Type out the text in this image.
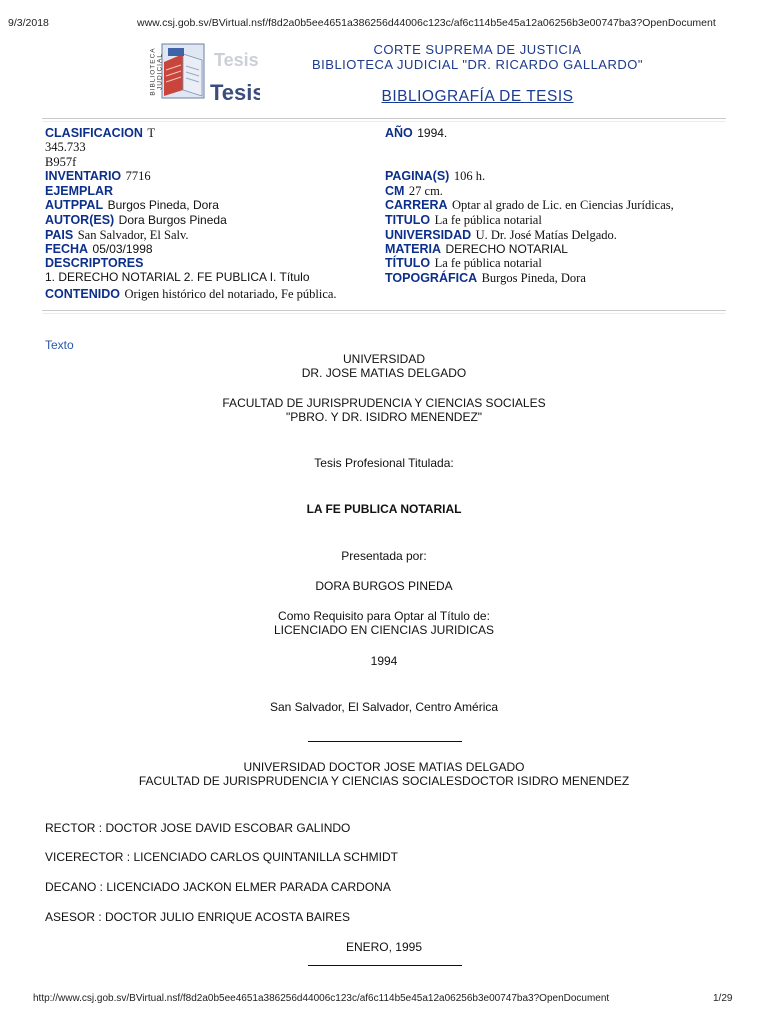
9/3/2018	www.csj.gob.sv/BVirtual.nsf/f8d2a0b5ee4651a386256d44006c123c/af6c114b5e45a12a06256b3e00747ba3?OpenDocument
Tesis
Tesis
BIBLIOTECA JUDICIAL
CORTE SUPREMA DE JUSTICIA
BIBLIOTECA JUDICIAL "DR. RICARDO GALLARDO"
BIBLIOGRAFÍA DE TESIS
CLASIFICACION T
345.733
B957f
INVENTARIO 7716
EJEMPLAR
AUTPPAL Burgos Pineda, Dora
AUTOR(ES) Dora Burgos Pineda
PAIS San Salvador, El Salv.
FECHA 05/03/1998
DESCRIPTORES
1. DERECHO NOTARIAL 2. FE PUBLICA I. Título
CONTENIDO Origen histórico del notariado, Fe pública.
AÑO 1994.
PAGINA(S) 106 h.
CM 27 cm.
CARRERA Optar al grado de Lic. en Ciencias Jurídicas,
TITULO La fe pública notarial
UNIVERSIDAD U. Dr. José Matías Delgado.
MATERIA DERECHO NOTARIAL
TÍTULO La fe pública notarial
TOPOGRÁFICA Burgos Pineda, Dora
Texto
UNIVERSIDAD
DR. JOSE MATIAS DELGADO
FACULTAD DE JURISPRUDENCIA Y CIENCIAS SOCIALES
"PBRO. Y DR. ISIDRO MENENDEZ"
Tesis Profesional Titulada:
LA FE PUBLICA NOTARIAL
Presentada por:
DORA BURGOS PINEDA
Como Requisito para Optar al Título de:
LICENCIADO EN CIENCIAS JURIDICAS
1994
San Salvador, El Salvador, Centro América
UNIVERSIDAD DOCTOR JOSE MATIAS DELGADO
FACULTAD DE JURISPRUDENCIA Y CIENCIAS SOCIALESDOCTOR ISIDRO MENENDEZ
RECTOR : DOCTOR JOSE DAVID ESCOBAR GALINDO
VICERECTOR : LICENCIADO CARLOS QUINTANILLA SCHMIDT
DECANO : LICENCIADO JACKON ELMER PARADA CARDONA
ASESOR : DOCTOR JULIO ENRIQUE ACOSTA BAIRES
ENERO, 1995
http://www.csj.gob.sv/BVirtual.nsf/f8d2a0b5ee4651a386256d44006c123c/af6c114b5e45a12a06256b3e00747ba3?OpenDocument	1/29
